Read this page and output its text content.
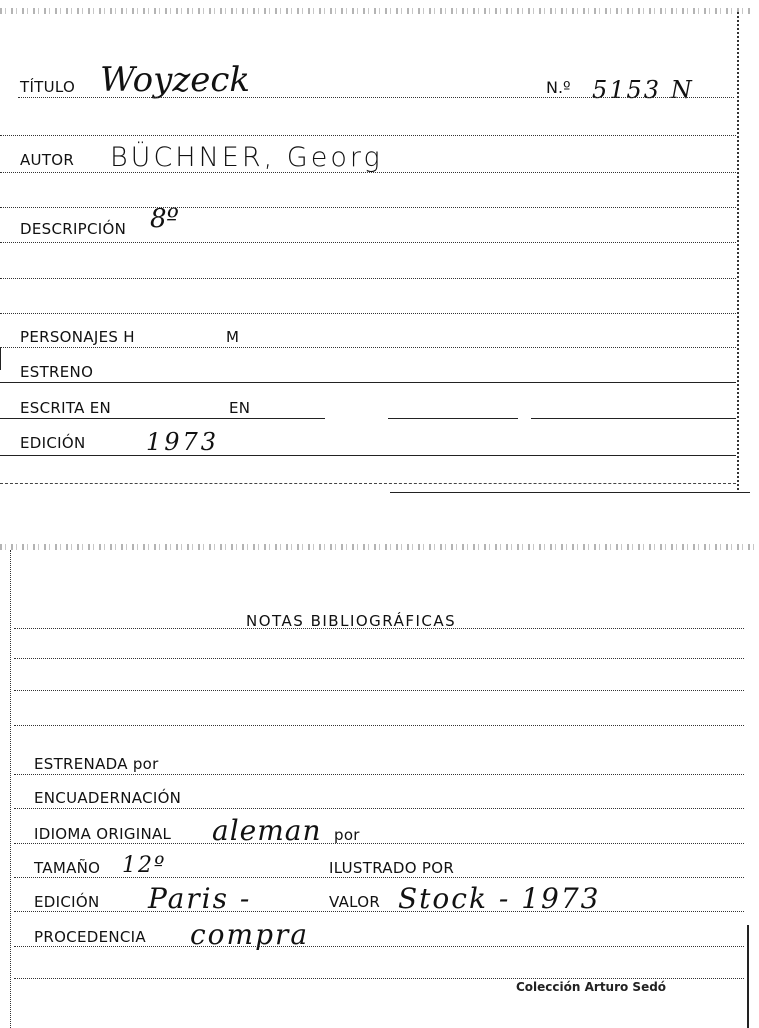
TÍTULO Woyzeck	N.º 5153 N
AUTOR BÜCHNER, Georg
DESCRIPCIÓN 8º
PERSONAJES H	M
ESTRENO
ESCRITA EN	EN
EDICIÓN	1973
NOTAS BIBLIOGRÁFICAS
ESTRENADA por
ENCUADERNACIÓN
IDIOMA ORIGINAL aleman por
TAMAÑO 12º	ILUSTRADO POR
EDICIÓN Paris -	VALOR Stock - 1973
PROCEDENCIA compra
Colección Arturo Sedó
